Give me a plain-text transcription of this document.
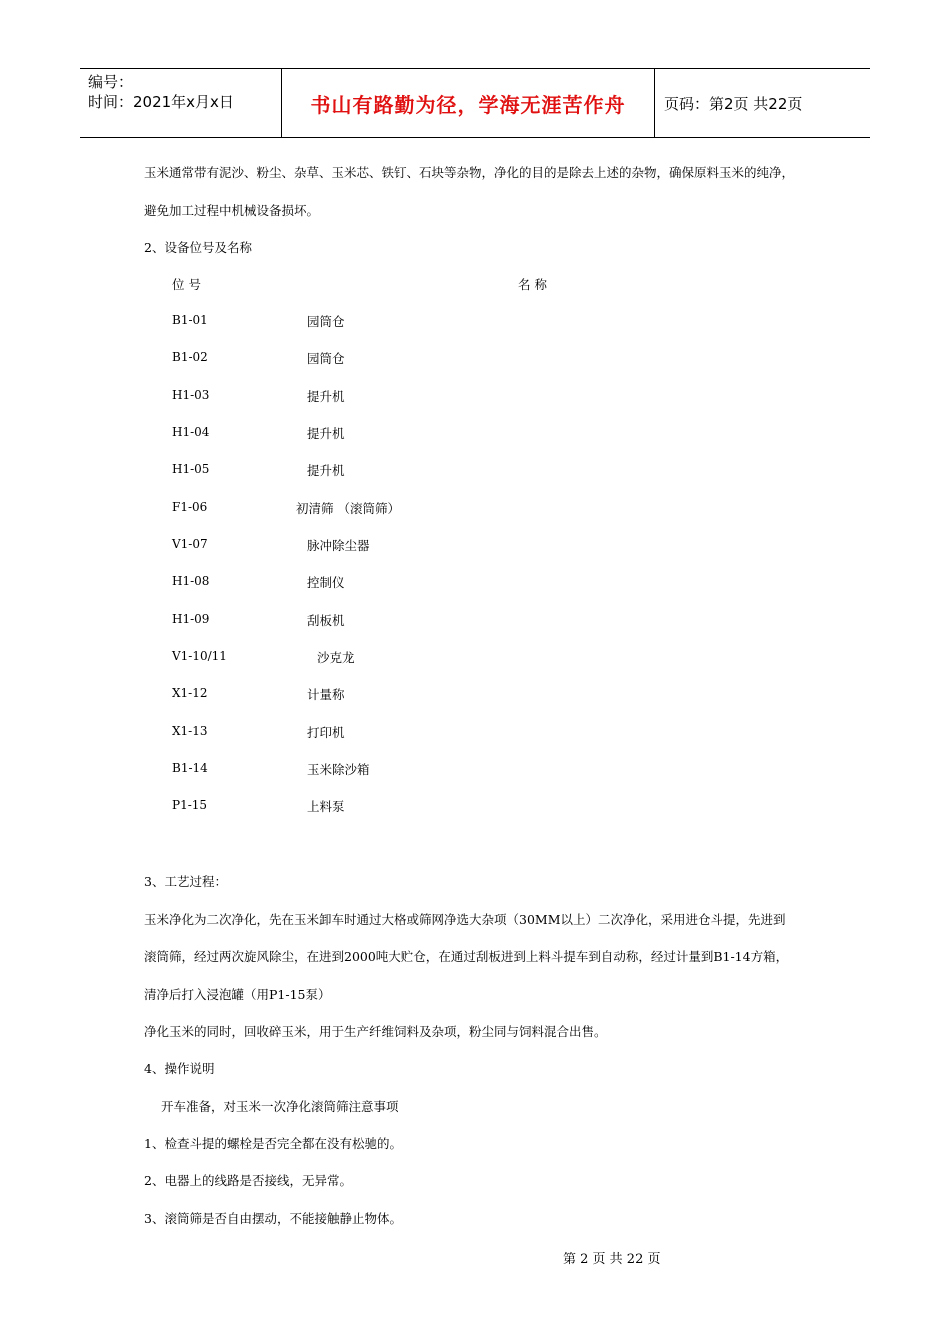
编号：
时间：2021年x月x日	书山有路勤为径，学海无涯苦作舟	页码：第2页 共22页
玉米通常带有泥沙、粉尘、杂草、玉米芯、铁钉、石块等杂物，净化的目的是除去上述的杂物，确保原料玉米的纯净，
避免加工过程中机械设备损坏。
2、设备位号及名称
位 号	名 称
B1-01	园筒仓
B1-02	园筒仓
H1-03	提升机
H1-04	提升机
H1-05	提升机
F1-06	初清筛 （滚筒筛）
V1-07	脉冲除尘器
H1-08	控制仪
H1-09	刮板机
V1-10/11	沙克龙
X1-12	计量称
X1-13	打印机
B1-14	玉米除沙箱
P1-15	上料泵
3、工艺过程：
玉米净化为二次净化，先在玉米卸车时通过大格或筛网净选大杂项（30MM以上）二次净化，采用进仓斗提，先进到
滚筒筛，经过两次旋风除尘，在进到2000吨大贮仓，在通过刮板进到上料斗提车到自动称，经过计量到B1-14方箱，
清净后打入浸泡罐（用P1-15泵）
净化玉米的同时，回收碎玉米，用于生产纤维饲料及杂项，粉尘同与饲料混合出售。
4、操作说明
开车准备，对玉米一次净化滚筒筛注意事项
1、检查斗提的螺栓是否完全都在没有松驰的。
2、电器上的线路是否接线，无异常。
3、滚筒筛是否自由摆动，不能接触静止物体。
第 2 页 共 22 页
